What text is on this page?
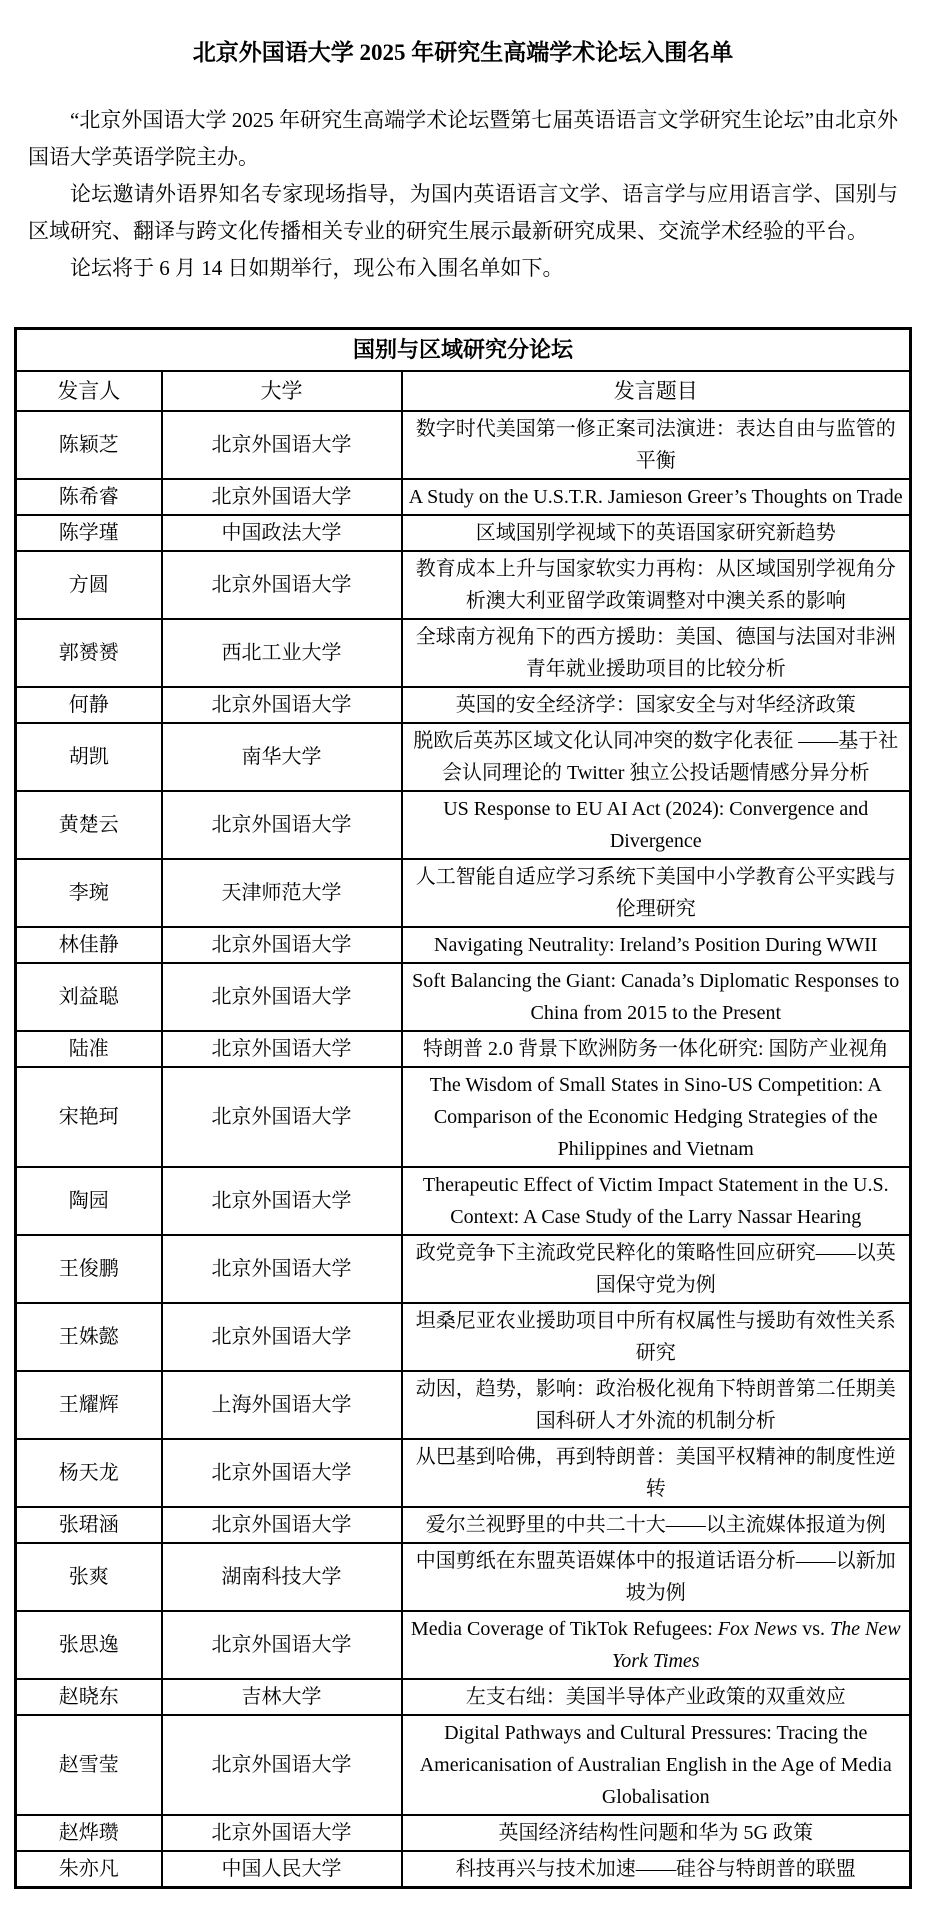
北京外国语大学 2025 年研究生高端学术论坛入围名单

“北京外国语大学 2025 年研究生高端学术论坛暨第七届英语语言文学研究生论坛”由北京外国语大学英语学院主办。

论坛邀请外语界知名专家现场指导，为国内英语语言文学、语言学与应用语言学、国别与区域研究、翻译与跨文化传播相关专业的研究生展示最新研究成果、交流学术经验的平台。

论坛将于 6 月 14 日如期举行，现公布入围名单如下。

国别与区域研究分论坛		
发言人	大学	发言题目
陈颖芝	北京外国语大学	数字时代美国第一修正案司法演进：表达自由与监管的平衡
陈希睿	北京外国语大学	A Study on the U.S.T.R. Jamieson Greer’s Thoughts on Trade
陈学瑾	中国政法大学	区域国别学视域下的英语国家研究新趋势
方圆	北京外国语大学	教育成本上升与国家软实力再构：从区域国别学视角分析澳大利亚留学政策调整对中澳关系的影响
郭赟赟	西北工业大学	全球南方视角下的西方援助：美国、德国与法国对非洲青年就业援助项目的比较分析
何静	北京外国语大学	英国的安全经济学：国家安全与对华经济政策
胡凯	南华大学	脱欧后英苏区域文化认同冲突的数字化表征 ——基于社会认同理论的 Twitter 独立公投话题情感分异分析
黄楚云	北京外国语大学	US Response to EU AI Act (2024): Convergence and Divergence
李琬	天津师范大学	人工智能自适应学习系统下美国中小学教育公平实践与伦理研究
林佳静	北京外国语大学	Navigating Neutrality: Ireland’s Position During WWII
刘益聪	北京外国语大学	Soft Balancing the Giant: Canada’s Diplomatic Responses to China from 2015 to the Present
陆准	北京外国语大学	特朗普 2.0 背景下欧洲防务一体化研究: 国防产业视角
宋艳珂	北京外国语大学	The Wisdom of Small States in Sino-US Competition: A Comparison of the Economic Hedging Strategies of the Philippines and Vietnam
陶园	北京外国语大学	Therapeutic Effect of Victim Impact Statement in the U.S. Context: A Case Study of the Larry Nassar Hearing
王俊鹏	北京外国语大学	政党竞争下主流政党民粹化的策略性回应研究——以英国保守党为例
王姝懿	北京外国语大学	坦桑尼亚农业援助项目中所有权属性与援助有效性关系研究
王耀辉	上海外国语大学	动因，趋势，影响：政治极化视角下特朗普第二任期美国科研人才外流的机制分析
杨天龙	北京外国语大学	从巴基到哈佛，再到特朗普：美国平权精神的制度性逆转
张珺涵	北京外国语大学	爱尔兰视野里的中共二十大——以主流媒体报道为例
张爽	湖南科技大学	中国剪纸在东盟英语媒体中的报道话语分析——以新加坡为例
张思逸	北京外国语大学	Media Coverage of TikTok Refugees: Fox News vs. The New York Times
赵晓东	吉林大学	左支右绌：美国半导体产业政策的双重效应
赵雪莹	北京外国语大学	Digital Pathways and Cultural Pressures: Tracing the Americanisation of Australian English in the Age of Media Globalisation
赵烨瓒	北京外国语大学	英国经济结构性问题和华为 5G 政策
朱亦凡	中国人民大学	科技再兴与技术加速——硅谷与特朗普的联盟
